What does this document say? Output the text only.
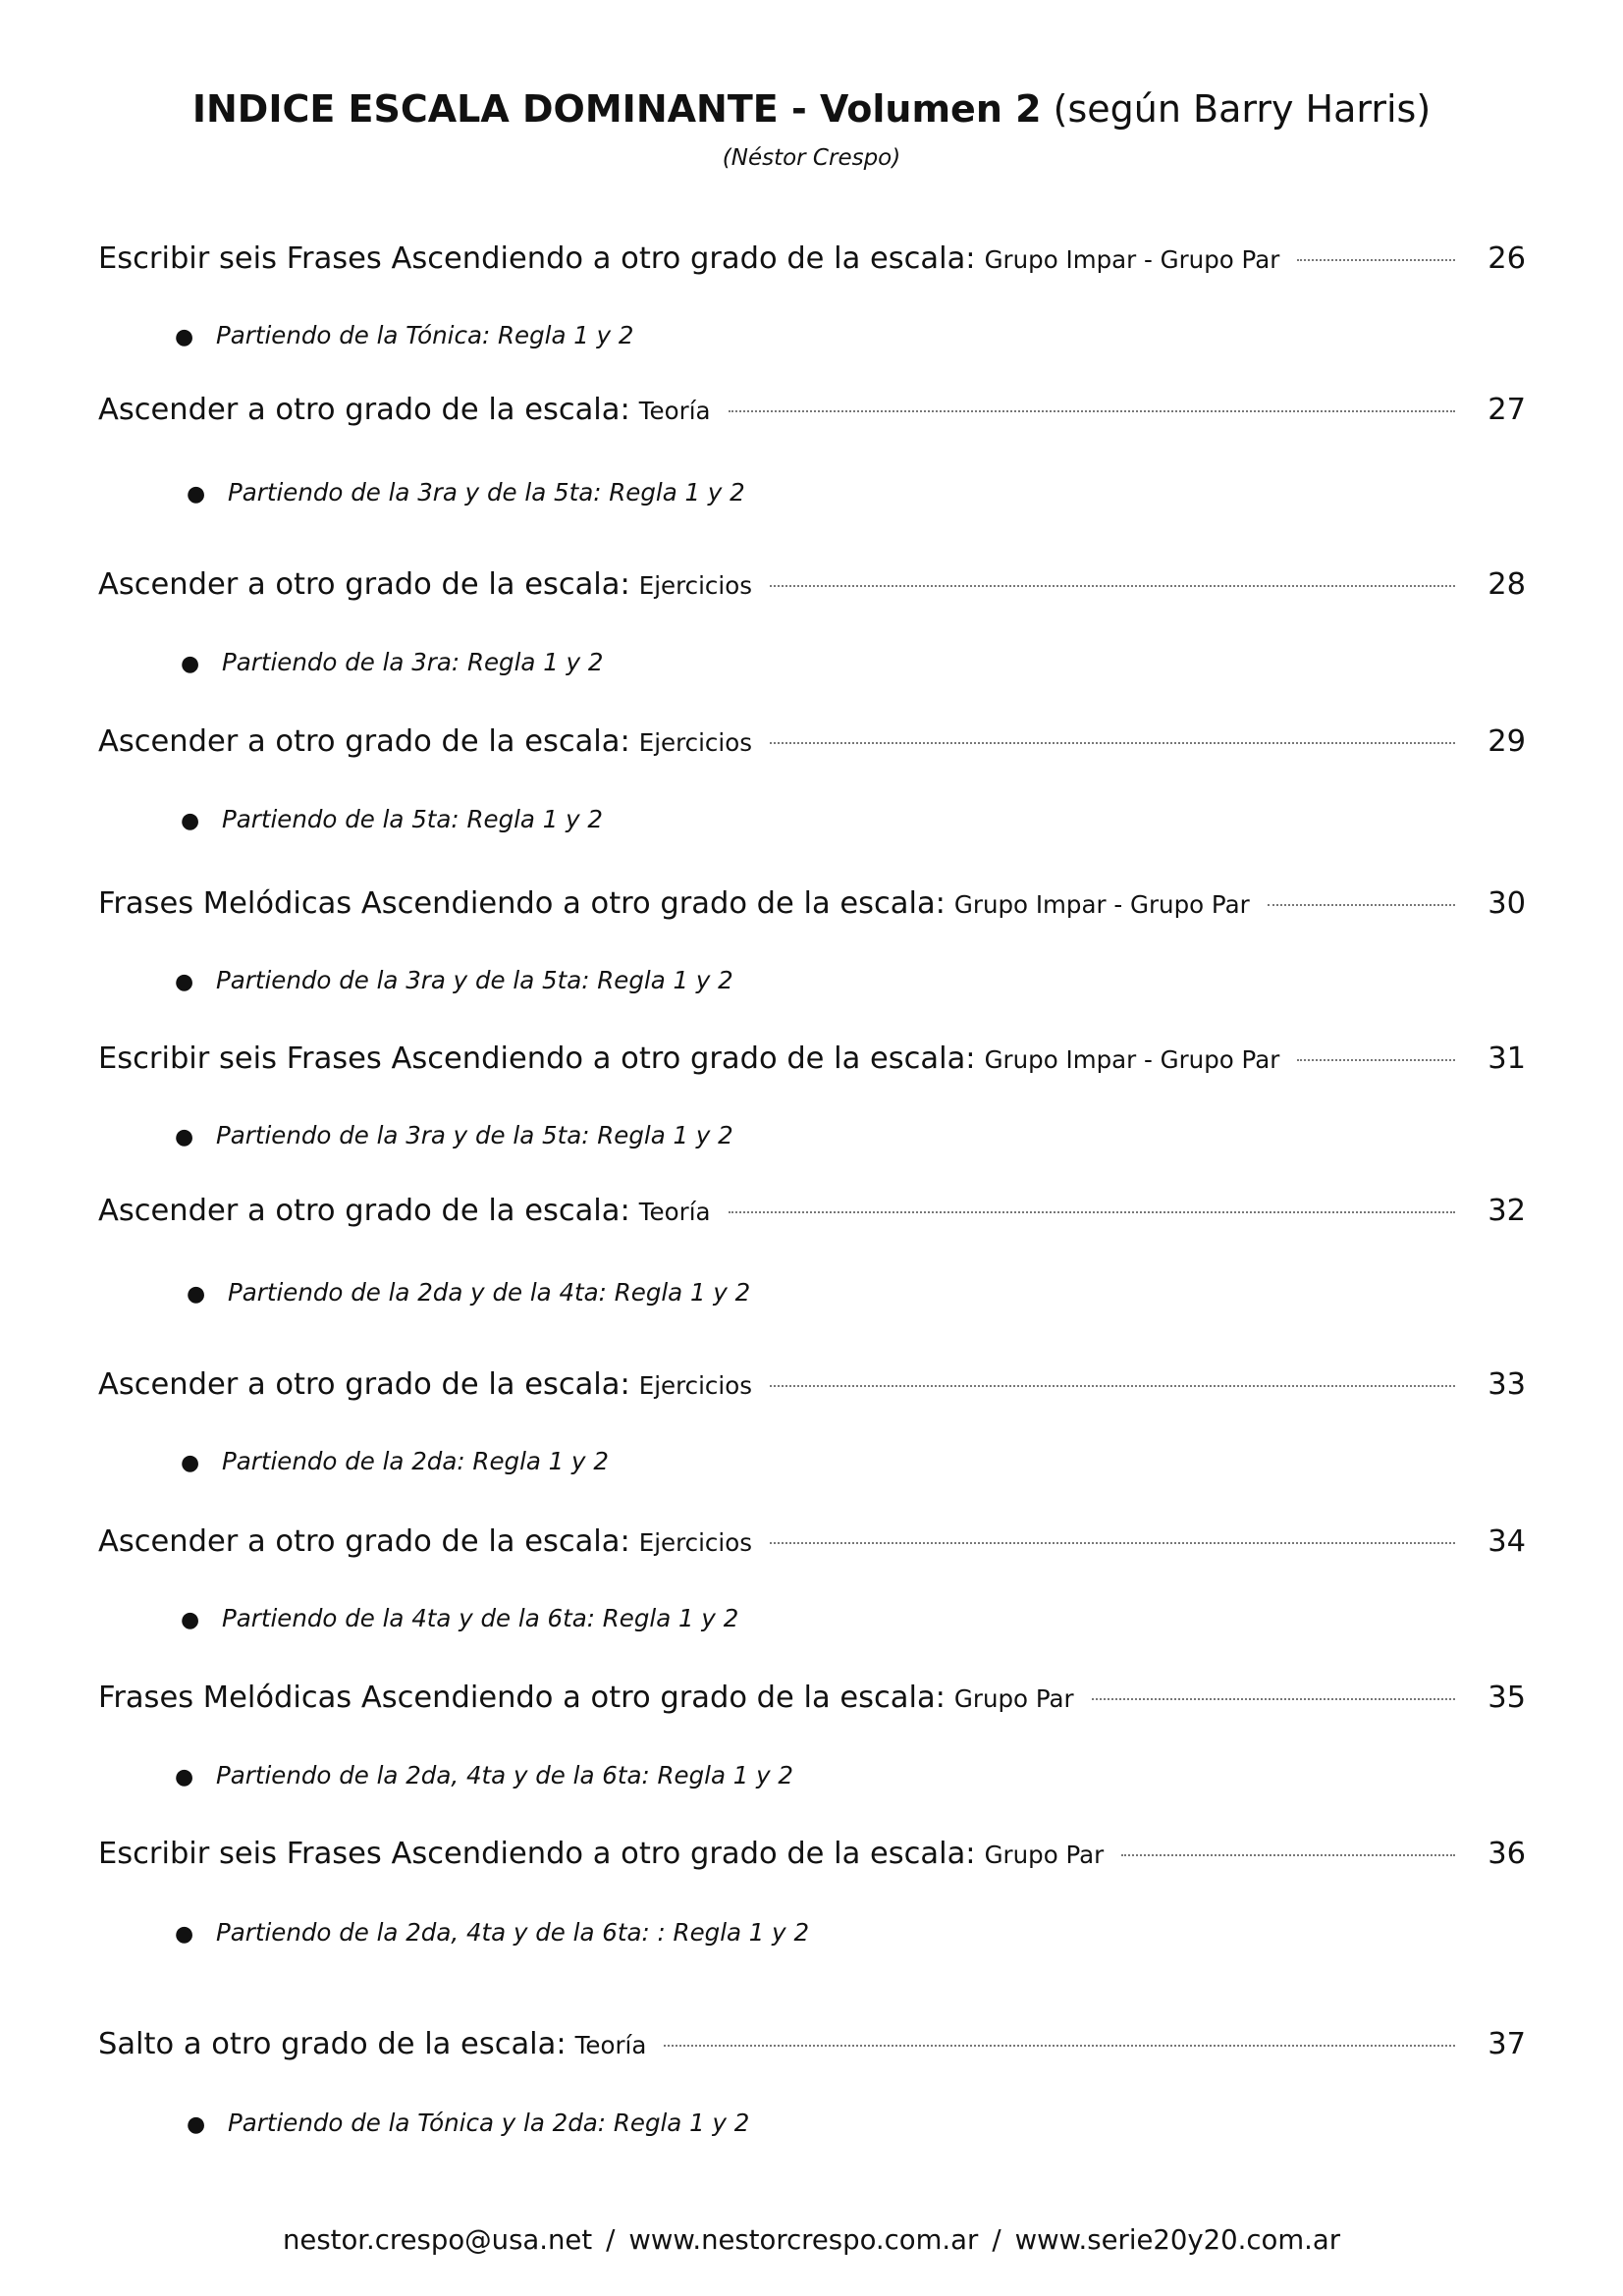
INDICE ESCALA DOMINANTE - Volumen 2 (según Barry Harris)
(Néstor Crespo)
Escribir seis Frases Ascendiendo a otro grado de la escala: Grupo Impar - Grupo Par	26
● Partiendo de la Tónica: Regla 1 y 2
Ascender a otro grado de la escala: Teoría	27
● Partiendo de la 3ra y de la 5ta: Regla 1 y 2
Ascender a otro grado de la escala: Ejercicios	28
● Partiendo de la 3ra: Regla 1 y 2
Ascender a otro grado de la escala: Ejercicios	29
● Partiendo de la 5ta: Regla 1 y 2
Frases Melódicas Ascendiendo a otro grado de la escala: Grupo Impar - Grupo Par	30
● Partiendo de la 3ra y de la 5ta: Regla 1 y 2
Escribir seis Frases Ascendiendo a otro grado de la escala: Grupo Impar - Grupo Par	31
● Partiendo de la 3ra y de la 5ta: Regla 1 y 2
Ascender a otro grado de la escala: Teoría	32
● Partiendo de la 2da y de la 4ta: Regla 1 y 2
Ascender a otro grado de la escala: Ejercicios	33
● Partiendo de la 2da: Regla 1 y 2
Ascender a otro grado de la escala: Ejercicios	34
● Partiendo de la 4ta y de la 6ta: Regla 1 y 2
Frases Melódicas Ascendiendo a otro grado de la escala: Grupo Par	35
● Partiendo de la 2da, 4ta y de la 6ta: Regla 1 y 2
Escribir seis Frases Ascendiendo a otro grado de la escala: Grupo Par	36
● Partiendo de la 2da, 4ta y de la 6ta: : Regla 1 y 2
Salto a otro grado de la escala: Teoría	37
● Partiendo de la Tónica y la 2da: Regla 1 y 2
nestor.crespo@usa.net / www.nestorcrespo.com.ar / www.serie20y20.com.ar
